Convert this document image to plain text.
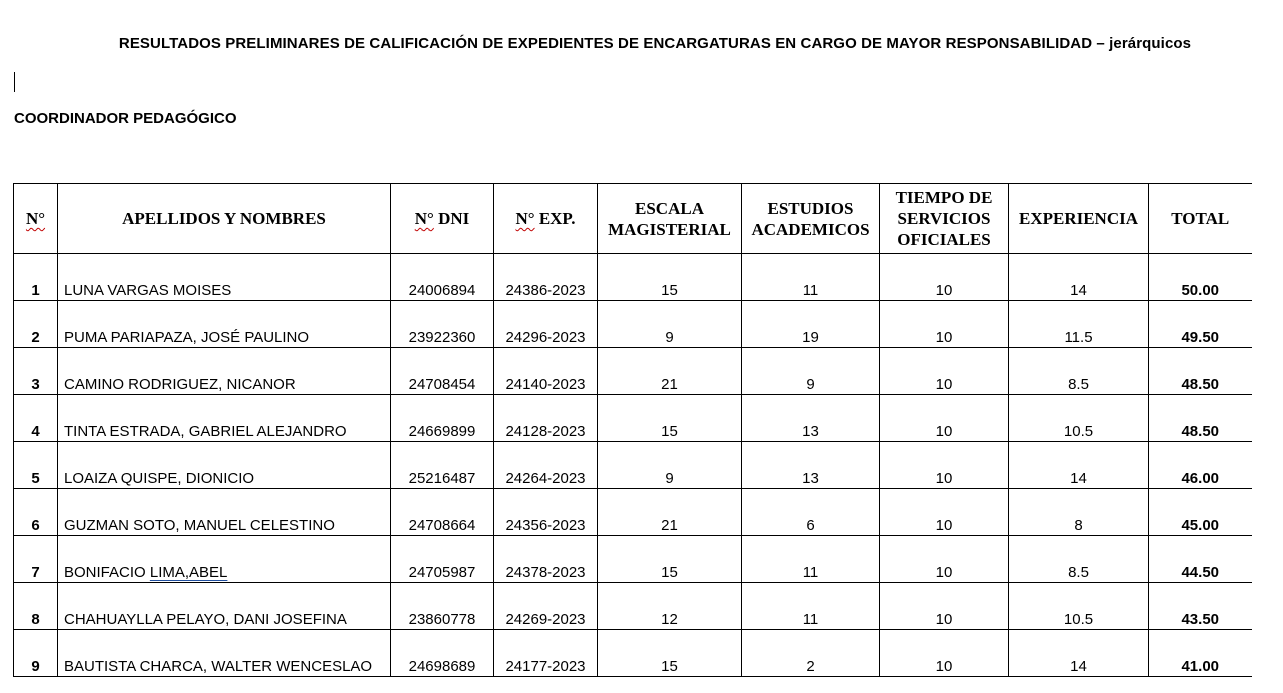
RESULTADOS PRELIMINARES DE CALIFICACIÓN DE EXPEDIENTES DE ENCARGATURAS EN CARGO DE MAYOR RESPONSABILIDAD – jerárquicos
COORDINADOR PEDAGÓGICO
N°	APELLIDOS Y NOMBRES	N° DNI	N° EXP.	ESCALA MAGISTERIAL	ESTUDIOS ACADEMICOS	TIEMPO DE SERVICIOS OFICIALES	EXPERIENCIA	TOTAL
1	LUNA VARGAS MOISES	24006894	24386-2023	15	11	10	14	50.00
2	PUMA PARIAPAZA, JOSÉ PAULINO	23922360	24296-2023	9	19	10	11.5	49.50
3	CAMINO RODRIGUEZ, NICANOR	24708454	24140-2023	21	9	10	8.5	48.50
4	TINTA ESTRADA, GABRIEL ALEJANDRO	24669899	24128-2023	15	13	10	10.5	48.50
5	LOAIZA QUISPE, DIONICIO	25216487	24264-2023	9	13	10	14	46.00
6	GUZMAN SOTO, MANUEL CELESTINO	24708664	24356-2023	21	6	10	8	45.00
7	BONIFACIO LIMA,ABEL	24705987	24378-2023	15	11	10	8.5	44.50
8	CHAHUAYLLA PELAYO, DANI JOSEFINA	23860778	24269-2023	12	11	10	10.5	43.50
9	BAUTISTA CHARCA, WALTER WENCESLAO	24698689	24177-2023	15	2	10	14	41.00
